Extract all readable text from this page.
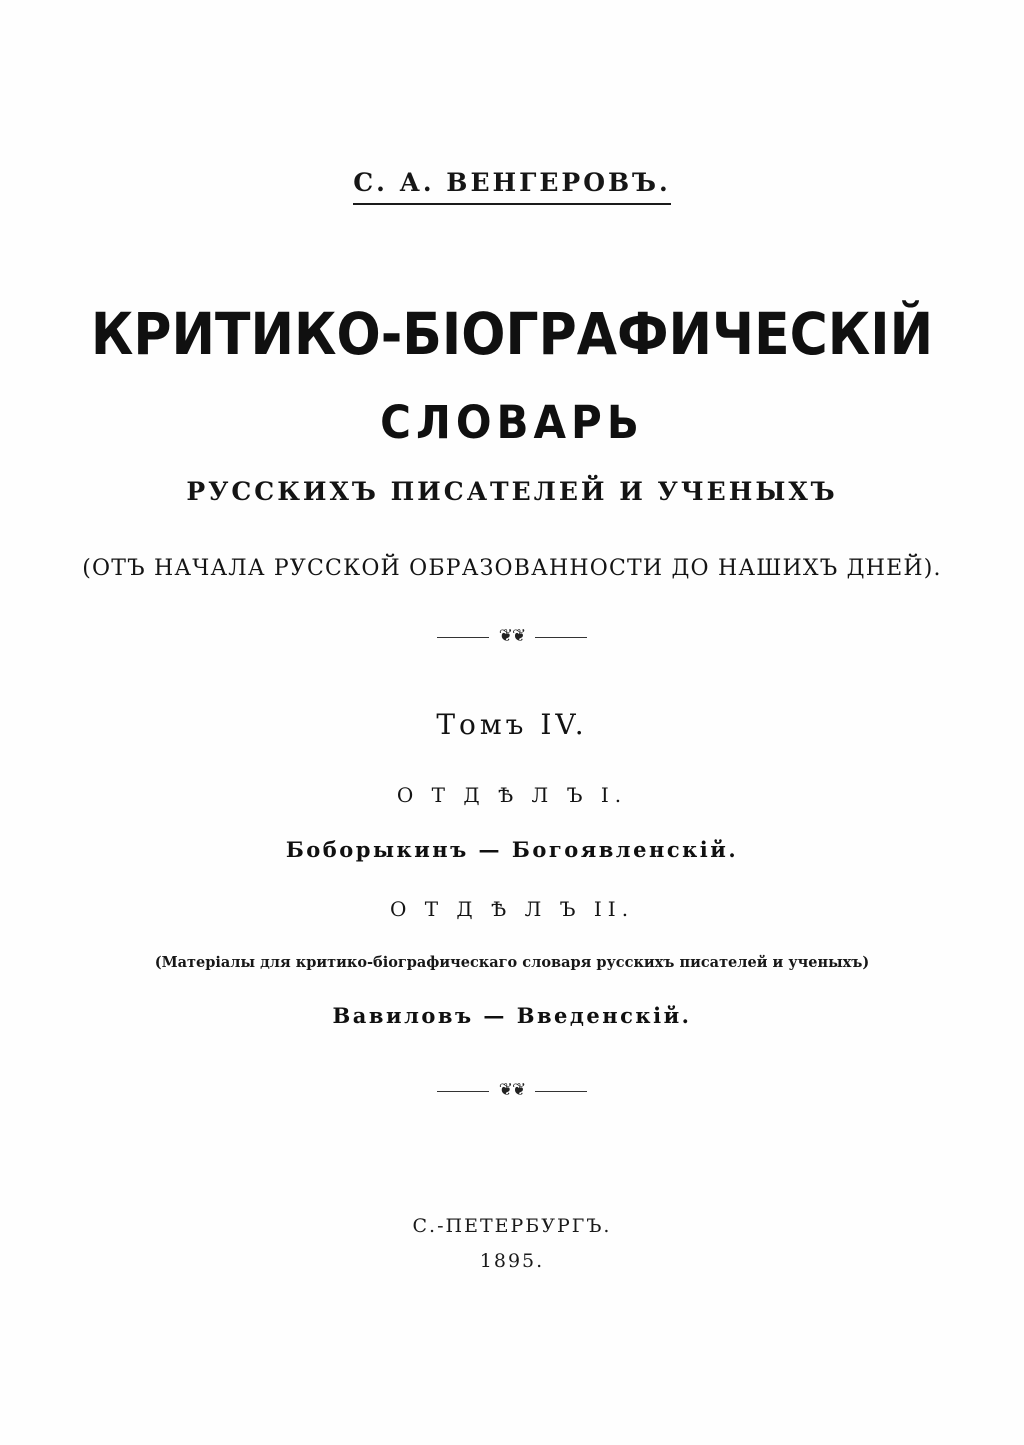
С. А. ВЕНГЕРОВЪ.
КРИТИКО-БІОГРАФИЧЕСКІЙ
СЛОВАРЬ
РУССКИХЪ ПИСАТЕЛЕЙ И УЧЕНЫХЪ
(ОТЪ НАЧАЛА РУССКОЙ ОБРАЗОВАННОСТИ ДО НАШИХЪ ДНЕЙ).
❦❦
Томъ IV.
О Т Д Ѣ Л Ъ I.
Боборыкинъ — Богоявленскій.
О Т Д Ѣ Л Ъ II.
(Матеріалы для критико-біографическаго словаря русскихъ писателей и ученыхъ)
Вавиловъ — Введенскій.
❦❦
С.-ПЕТЕРБУРГЪ.
1895.
